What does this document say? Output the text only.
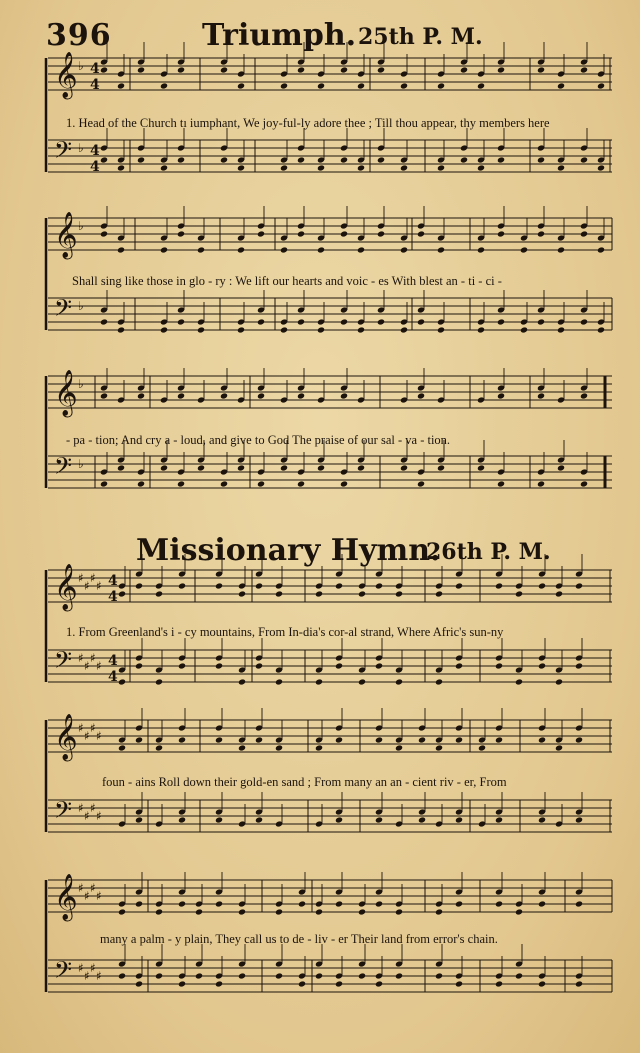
396	Triumph. 25th P. M.
Missionary Hymn.
26th P. M.
𝄞 ♭ 4
4
𝄢 ♭ 4
4
𝄞 ♭
𝄢 ♭
𝄞 ♭
𝄢 ♭
𝄞 ♯
♯
♯
♯ 4
4
𝄢 ♯
♯
♯
♯ 4
4
𝄞 ♯
♯
♯
♯
𝄢 ♯
♯
♯
♯
𝄞 ♯
♯
♯
♯
𝄢 ♯
♯
♯
♯
1. Head of the Church tı iumphant, We joy-ful-ly adore thee ; Till thou appear, thy members here
Shall sing like those in glo - ry : We lift our hearts and voic - es With blest an - ti - ci -
- pa - tion; And cry a - loud, and give to God The praise of our sal - va - tion.
1. From Greenland's i - cy mountains, From In-dia's cor-al strand, Where Afric's sun-ny
foun - ains Roll down their gold-en sand ; From many an an - cient riv - er, From
many a palm - y plain, They call us to de - liv - er Their land from error's chain.
